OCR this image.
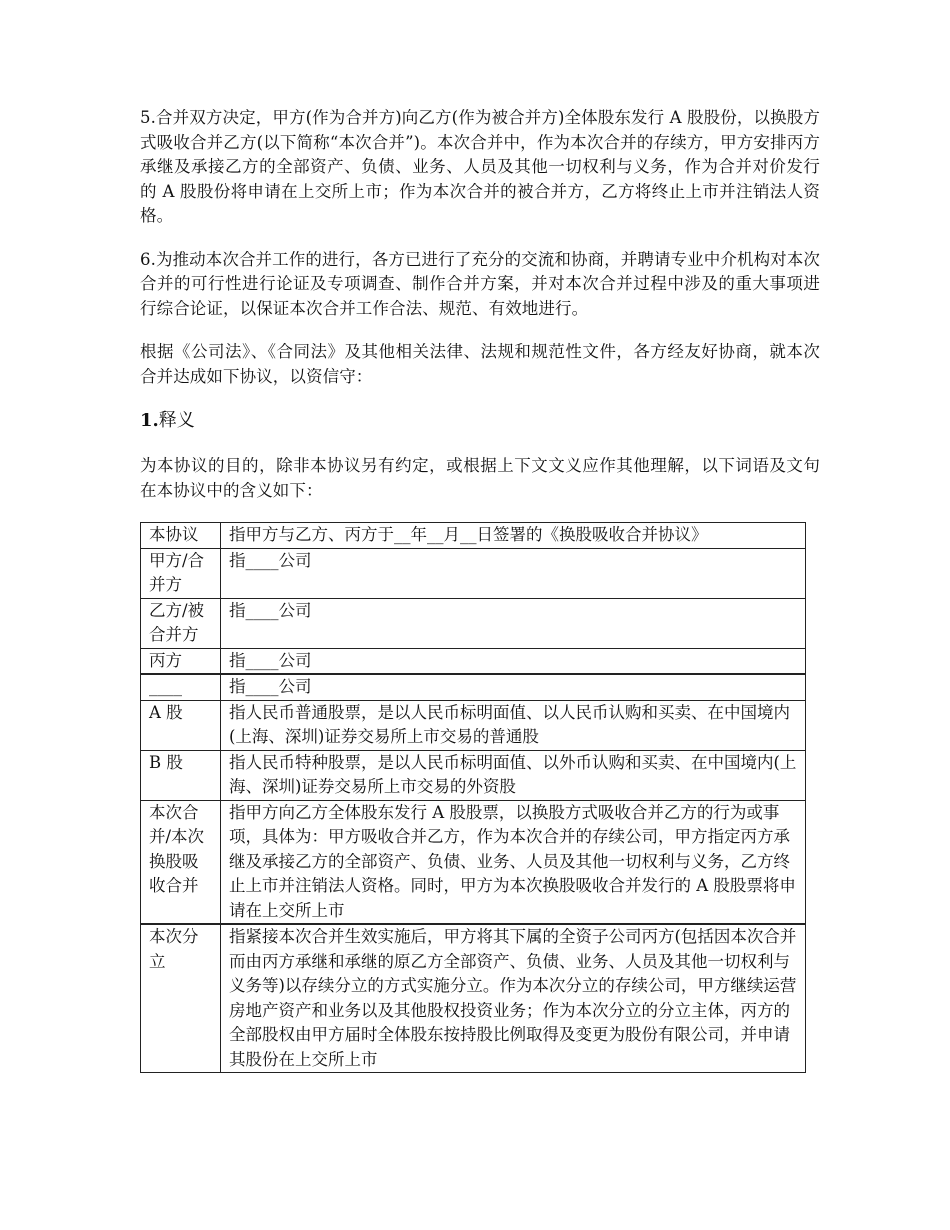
5.合并双方决定，甲方(作为合并方)向乙方(作为被合并方)全体股东发行 A 股股份，以换股方式吸收合并乙方(以下简称“本次合并”)。本次合并中，作为本次合并的存续方，甲方安排丙方承继及承接乙方的全部资产、负债、业务、人员及其他一切权利与义务，作为合并对价发行的 A 股股份将申请在上交所上市；作为本次合并的被合并方，乙方将终止上市并注销法人资格。

6.为推动本次合并工作的进行，各方已进行了充分的交流和协商，并聘请专业中介机构对本次合并的可行性进行论证及专项调查、制作合并方案，并对本次合并过程中涉及的重大事项进行综合论证，以保证本次合并工作合法、规范、有效地进行。

根据《公司法》、《合同法》及其他相关法律、法规和规范性文件，各方经友好协商，就本次合并达成如下协议，以资信守：

1.释义

为本协议的目的，除非本协议另有约定，或根据上下文文义应作其他理解，以下词语及文句在本协议中的含义如下：

本协议	指甲方与乙方、丙方于__年__月__日签署的《换股吸收合并协议》
甲方/合并方	指____公司
乙方/被合并方	指____公司
丙方	指____公司
____	指____公司
A 股	指人民币普通股票，是以人民币标明面值、以人民币认购和买卖、在中国境内(上海、深圳)证券交易所上市交易的普通股
B 股	指人民币特种股票，是以人民币标明面值、以外币认购和买卖、在中国境内(上海、深圳)证券交易所上市交易的外资股
本次合并/本次换股吸收合并	指甲方向乙方全体股东发行 A 股股票，以换股方式吸收合并乙方的行为或事项，具体为：甲方吸收合并乙方，作为本次合并的存续公司，甲方指定丙方承继及承接乙方的全部资产、负债、业务、人员及其他一切权利与义务，乙方终止上市并注销法人资格。同时，甲方为本次换股吸收合并发行的 A 股股票将申请在上交所上市
本次分立	指紧接本次合并生效实施后，甲方将其下属的全资子公司丙方(包括因本次合并而由丙方承继和承继的原乙方全部资产、负债、业务、人员及其他一切权利与义务等)以存续分立的方式实施分立。作为本次分立的存续公司，甲方继续运营房地产资产和业务以及其他股权投资业务；作为本次分立的分立主体，丙方的全部股权由甲方届时全体股东按持股比例取得及变更为股份有限公司，并申请其股份在上交所上市
